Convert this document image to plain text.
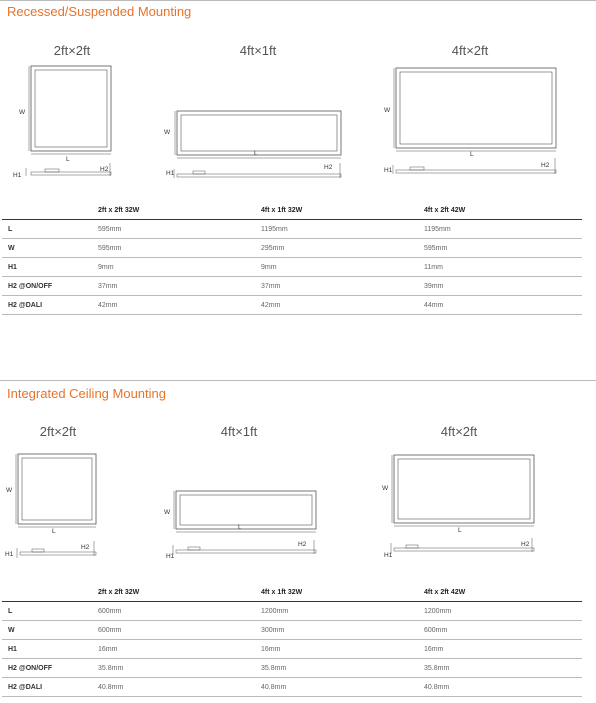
Recessed/Suspended Mounting
2ft×2ft	4ft×1ft	4ft×2ft
W
L
H1
H2
W
L
H1
H2
W
L
H1
H2
	2ft x 2ft 32W	4ft x 1ft 32W	4ft x 2ft 42W
L	595mm	1195mm	1195mm
W	595mm	295mm	595mm
H1	9mm	9mm	11mm
H2 @ON/OFF	37mm	37mm	39mm
H2 @DALI	42mm	42mm	44mm
Integrated Ceiling Mounting
2ft×2ft	4ft×1ft	4ft×2ft
W
L
H1
H2
W
L
H1
H2
W
L
H1
H2
	2ft x 2ft 32W	4ft x 1ft 32W	4ft x 2ft 42W
L	600mm	1200mm	1200mm
W	600mm	300mm	600mm
H1	16mm	16mm	16mm
H2 @ON/OFF	35.8mm	35.8mm	35.8mm
H2 @DALI	40.8mm	40.8mm	40.8mm
